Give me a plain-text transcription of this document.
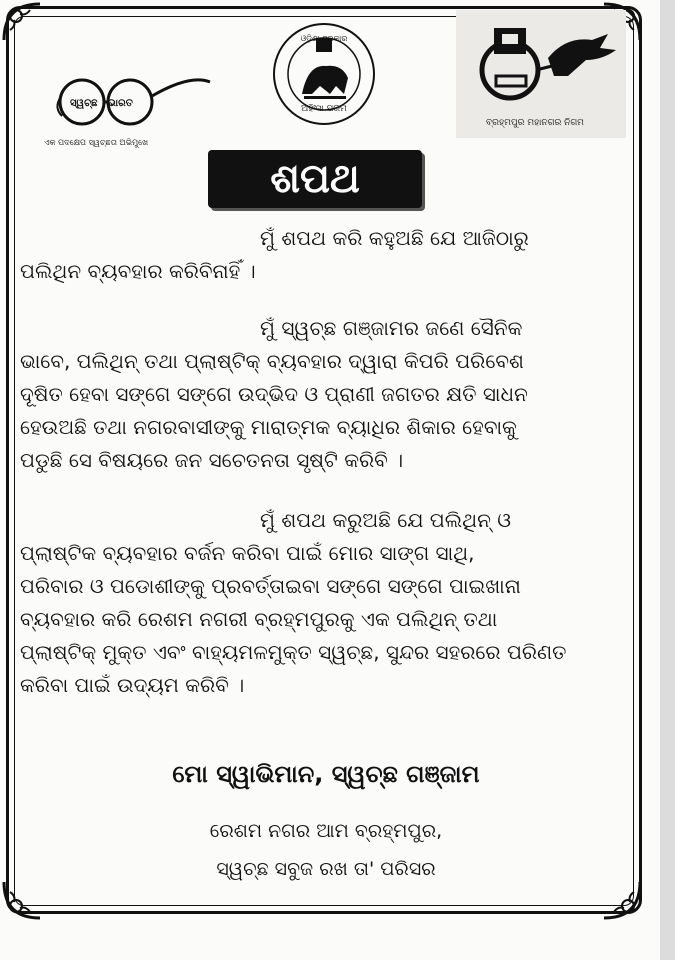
ସ୍ୱଚ୍ଛ ଭାରତ
ଏକ ପଦକ୍ଷେପ ସ୍ୱଚ୍ଛତା ଅଭିମୁଖେ
ଓଡ଼ିଶା ସରକାର
ଅହିଂସା ପରମ
ବ୍ରହ୍ମପୁର ମହାନଗର ନିଗମ
ଶପଥ
ମୁଁ ଶପଥ କରି କହୁଅଛି ଯେ ଆଜିଠାରୁ
ପଲିଥିନ ବ୍ୟବହାର କରିବିନାହିଁ ।
ମୁଁ ସ୍ୱଚ୍ଛ ଗଞ୍ଜାମର ଜଣେ ସୈନିକ
ଭାବେ, ପଲିଥିନ୍ ତଥା ପ୍ଲାଷ୍ଟିକ୍ ବ୍ୟବହାର ଦ୍ୱାରା କିପରି ପରିବେଶ
ଦୂଷିତ ହେବା ସଙ୍ଗେ ସଙ୍ଗେ ଉଦ୍ଭିଦ ଓ ପ୍ରାଣୀ ଜଗତର କ୍ଷତି ସାଧନ
ହେଉଅଛି ତଥା ନଗରବାସୀଙ୍କୁ ମାରାତ୍ମକ ବ୍ୟାଧିର ଶିକାର ହେବାକୁ
ପଡୁଛି ସେ ବିଷୟରେ ଜନ ସଚେତନତା ସୃଷ୍ଟି କରିବି ।
ମୁଁ ଶପଥ କରୁଅଛି ଯେ ପଲିଥିନ୍ ଓ
ପ୍ଲାଷ୍ଟିକ ବ୍ୟବହାର ବର୍ଜନ କରିବା ପାଇଁ ମୋର ସାଙ୍ଗ ସାଥି,
ପରିବାର ଓ ପଡୋଶୀଙ୍କୁ ପ୍ରବର୍ତ୍ତାଇବା ସଙ୍ଗେ ସଙ୍ଗେ ପାଇଖାନା
ବ୍ୟବହାର କରି ରେଶମ ନଗରୀ ବ୍ରହ୍ମପୁରକୁ ଏକ ପଲିଥିନ୍ ତଥା
ପ୍ଲାଷ୍ଟିକ୍ ମୁକ୍ତ ଏବଂ ବାହ୍ୟମଳମୁକ୍ତ ସ୍ୱଚ୍ଛ, ସୁନ୍ଦର ସହରରେ ପରିଣତ
କରିବା ପାଇଁ ଉଦ୍ୟମ କରିବି ।
ମୋ ସ୍ୱାଭିମାନ, ସ୍ୱଚ୍ଛ ଗଞ୍ଜାମ
ରେଶମ ନଗର ଆମ ବ୍ରହ୍ମପୁର,
ସ୍ୱଚ୍ଛ ସବୁଜ ରଖ ତା' ପରିସର
